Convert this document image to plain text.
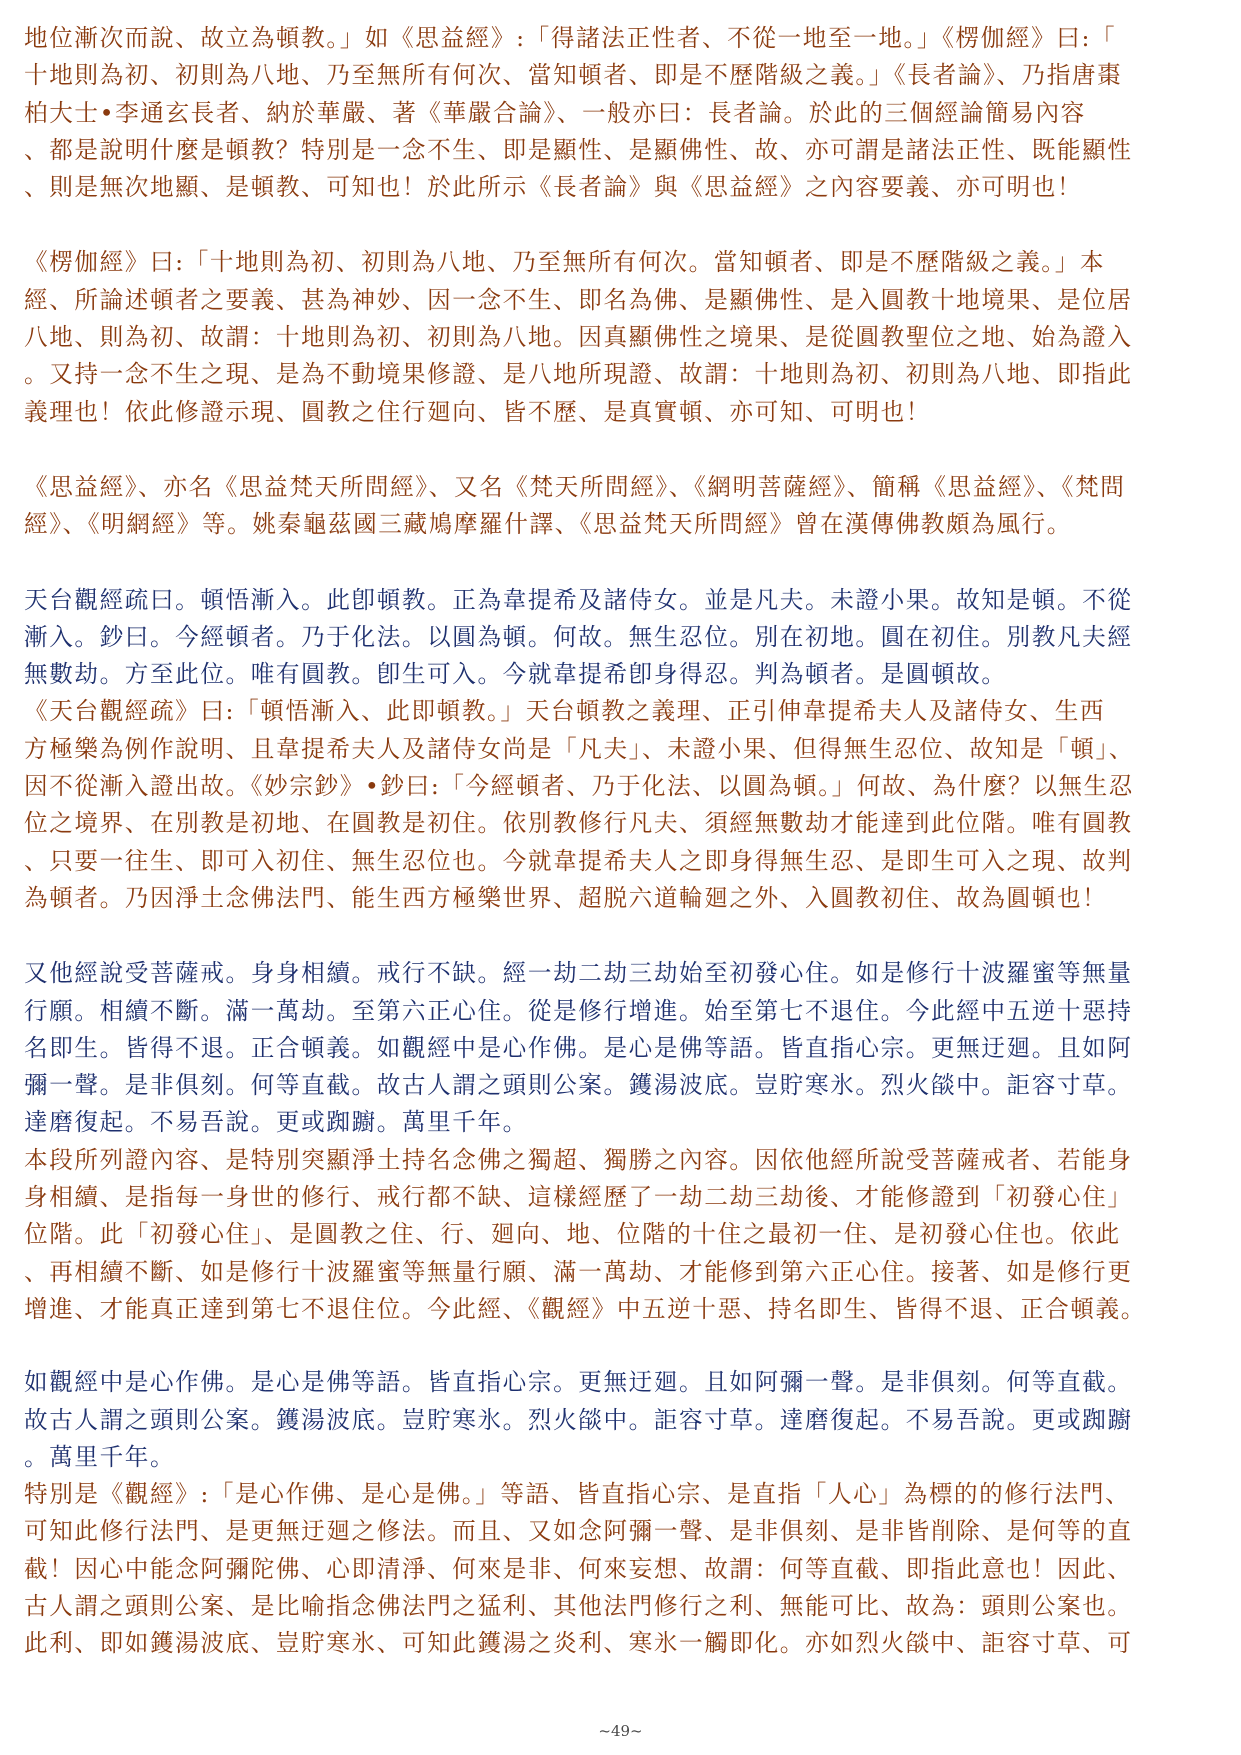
地位漸次而說、故立為頓教。」如《思益經》:「得諸法正性者、不從一地至一地。」《楞伽經》曰:「
十地則為初、初則為八地、乃至無所有何次、當知頓者、即是不歷階級之義。」《長者論》、乃指唐棗
柏大士•李通玄長者、納於華嚴、著《華嚴合論》、一般亦曰：長者論。於此的三個經論簡易內容
、都是說明什麼是頓教？特別是一念不生、即是顯性、是顯佛性、故、亦可謂是諸法正性、既能顯性
、則是無次地顯、是頓教、可知也！於此所示《長者論》與《思益經》之內容要義、亦可明也！
《楞伽經》曰:「十地則為初、初則為八地、乃至無所有何次。當知頓者、即是不歷階級之義。」本
經、所論述頓者之要義、甚為神妙、因一念不生、即名為佛、是顯佛性、是入圓教十地境果、是位居
八地、則為初、故謂：十地則為初、初則為八地。因真顯佛性之境果、是從圓教聖位之地、始為證入
。又持一念不生之現、是為不動境果修證、是八地所現證、故謂：十地則為初、初則為八地、即指此
義理也！依此修證示現、圓教之住行廻向、皆不歷、是真實頓、亦可知、可明也！
《思益經》、亦名《思益梵天所問經》、又名《梵天所問經》、《網明菩薩經》、簡稱《思益經》、《梵問
經》、《明網經》等。姚秦龜茲國三藏鳩摩羅什譯、《思益梵天所問經》曾在漢傳佛教頗為風行。
天台觀經疏曰。頓悟漸入。此卽頓教。正為韋提希及諸侍女。並是凡夫。未證小果。故知是頓。不從
漸入。鈔曰。今經頓者。乃于化法。以圓為頓。何故。無生忍位。別在初地。圓在初住。別教凡夫經
無數劫。方至此位。唯有圓教。卽生可入。今就韋提希卽身得忍。判為頓者。是圓頓故。
《天台觀經疏》曰:「頓悟漸入、此即頓教。」天台頓教之義理、正引伸韋提希夫人及諸侍女、生西
方極樂為例作說明、且韋提希夫人及諸侍女尚是「凡夫」、未證小果、但得無生忍位、故知是「頓」、
因不從漸入證出故。《妙宗鈔》•鈔曰:「今經頓者、乃于化法、以圓為頓。」何故、為什麼？以無生忍
位之境界、在別教是初地、在圓教是初住。依別教修行凡夫、須經無數劫才能達到此位階。唯有圓教
、只要一往生、即可入初住、無生忍位也。今就韋提希夫人之即身得無生忍、是即生可入之現、故判
為頓者。乃因淨土念佛法門、能生西方極樂世界、超脱六道輪廻之外、入圓教初住、故為圓頓也！
又他經說受菩薩戒。身身相續。戒行不缺。經一劫二劫三劫始至初發心住。如是修行十波羅蜜等無量
行願。相續不斷。滿一萬劫。至第六正心住。從是修行增進。始至第七不退住。今此經中五逆十惡持
名即生。皆得不退。正合頓義。如觀經中是心作佛。是心是佛等語。皆直指心宗。更無迂廻。且如阿
彌一聲。是非俱刻。何等直截。故古人謂之頭則公案。鑊湯波底。豈貯寒氷。烈火燄中。詎容寸草。
達磨復起。不易吾說。更或踟躕。萬里千年。
本段所列證內容、是特別突顯淨土持名念佛之獨超、獨勝之內容。因依他經所說受菩薩戒者、若能身
身相續、是指每一身世的修行、戒行都不缺、這樣經歷了一劫二劫三劫後、才能修證到「初發心住」
位階。此「初發心住」、是圓教之住、行、廻向、地、位階的十住之最初一住、是初發心住也。依此
、再相續不斷、如是修行十波羅蜜等無量行願、滿一萬劫、才能修到第六正心住。接著、如是修行更
增進、才能真正達到第七不退住位。今此經、《觀經》中五逆十惡、持名即生、皆得不退、正合頓義。
如觀經中是心作佛。是心是佛等語。皆直指心宗。更無迂廻。且如阿彌一聲。是非俱刻。何等直截。
故古人謂之頭則公案。鑊湯波底。豈貯寒氷。烈火燄中。詎容寸草。達磨復起。不易吾說。更或踟躕
。萬里千年。
特別是《觀經》:「是心作佛、是心是佛。」等語、皆直指心宗、是直指「人心」為標的的修行法門、
可知此修行法門、是更無迂廻之修法。而且、又如念阿彌一聲、是非俱刻、是非皆削除、是何等的直
截！因心中能念阿彌陀佛、心即清淨、何來是非、何來妄想、故謂：何等直截、即指此意也！因此、
古人謂之頭則公案、是比喻指念佛法門之猛利、其他法門修行之利、無能可比、故為：頭則公案也。
此利、即如鑊湯波底、豈貯寒氷、可知此鑊湯之炎利、寒氷一觸即化。亦如烈火燄中、詎容寸草、可
~49~
